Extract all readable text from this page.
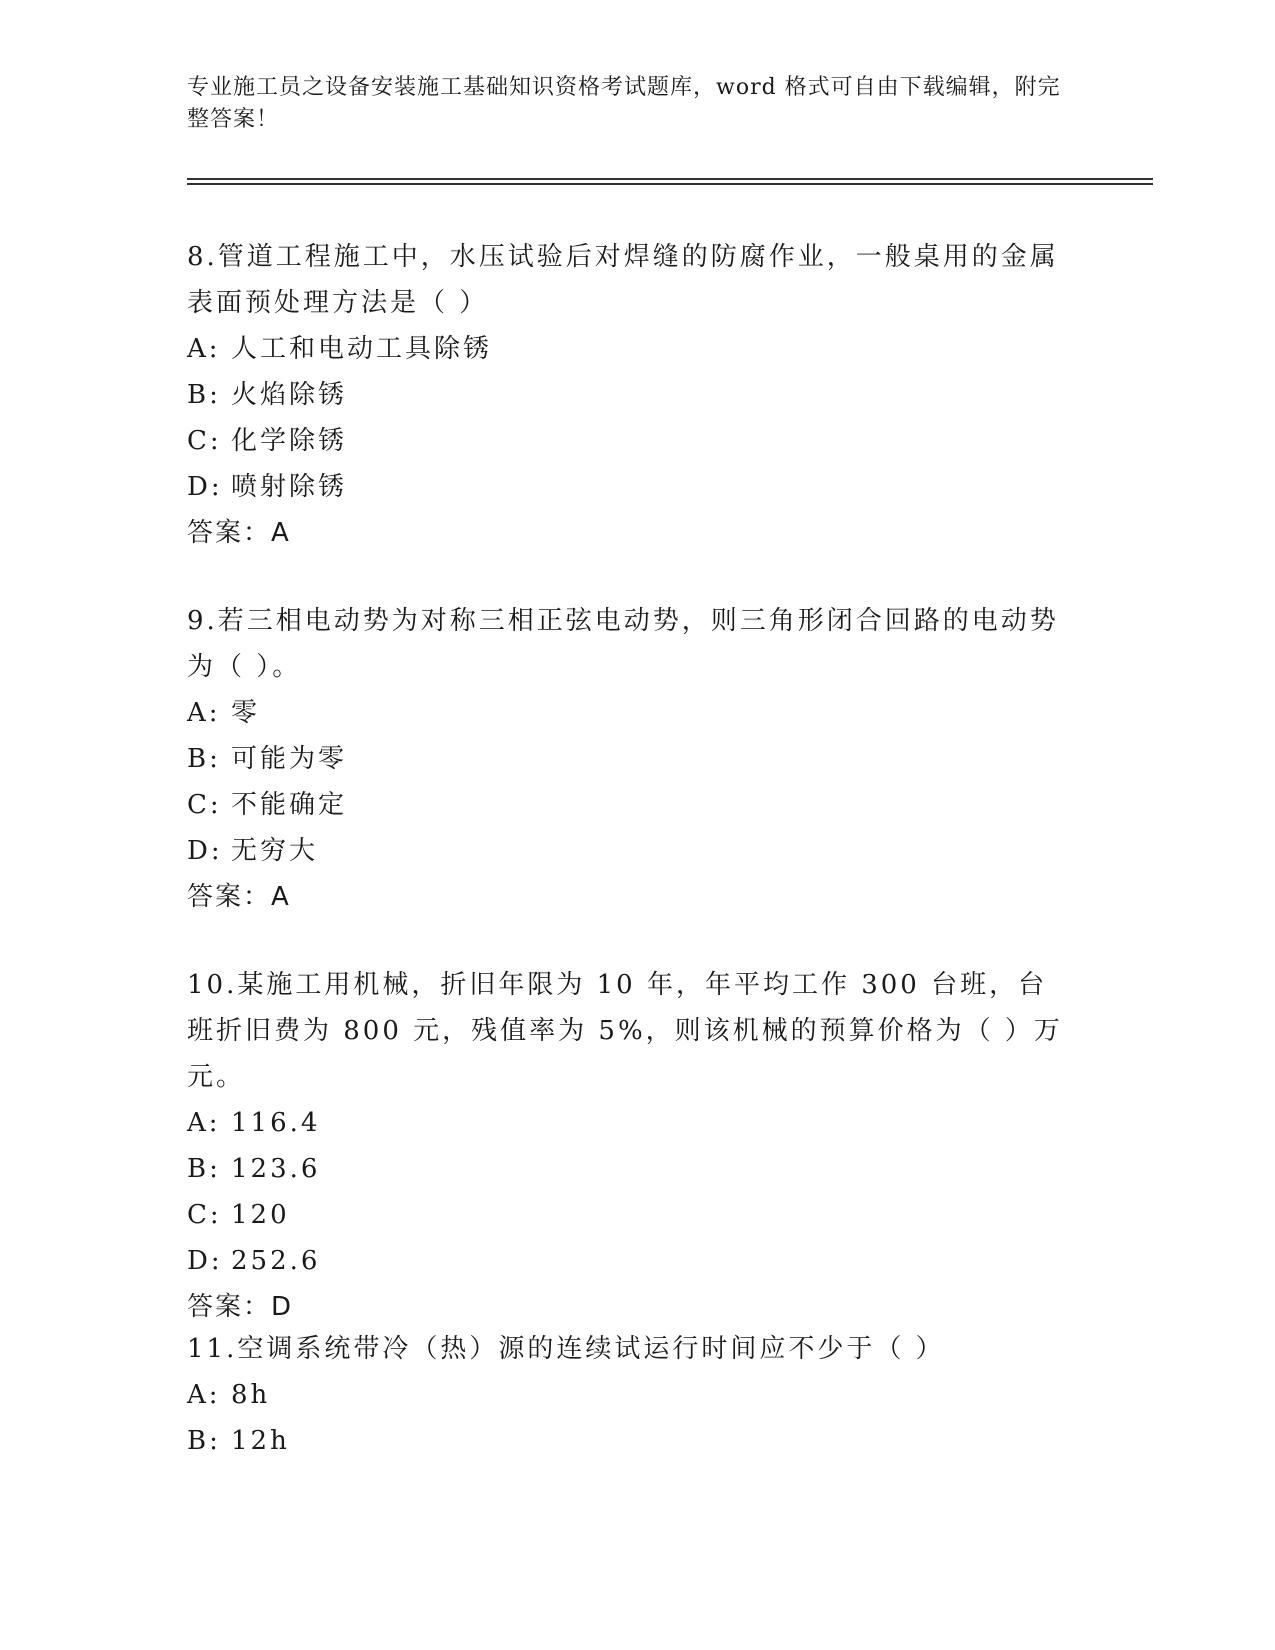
专业施工员之设备安装施工基础知识资格考试题库，word 格式可自由下载编辑，附完整答案！

8.管道工程施工中，水压试验后对焊缝的防腐作业，一般桌用的金属表面预处理方法是（ ）

A: 人工和电动工具除锈
B: 火焰除锈
C: 化学除锈
D: 喷射除锈

答案：A

9.若三相电动势为对称三相正弦电动势，则三角形闭合回路的电动势为（ ）。

A: 零
B: 可能为零
C: 不能确定
D: 无穷大

答案：A

10.某施工用机械，折旧年限为 10 年，年平均工作 300 台班，台班折旧费为 800 元，残值率为 5%，则该机械的预算价格为（ ）万元。

A: 116.4
B: 123.6
C: 120
D: 252.6

答案：D

11.空调系统带冷（热）源的连续试运行时间应不少于（ ）

A: 8h
B: 12h
